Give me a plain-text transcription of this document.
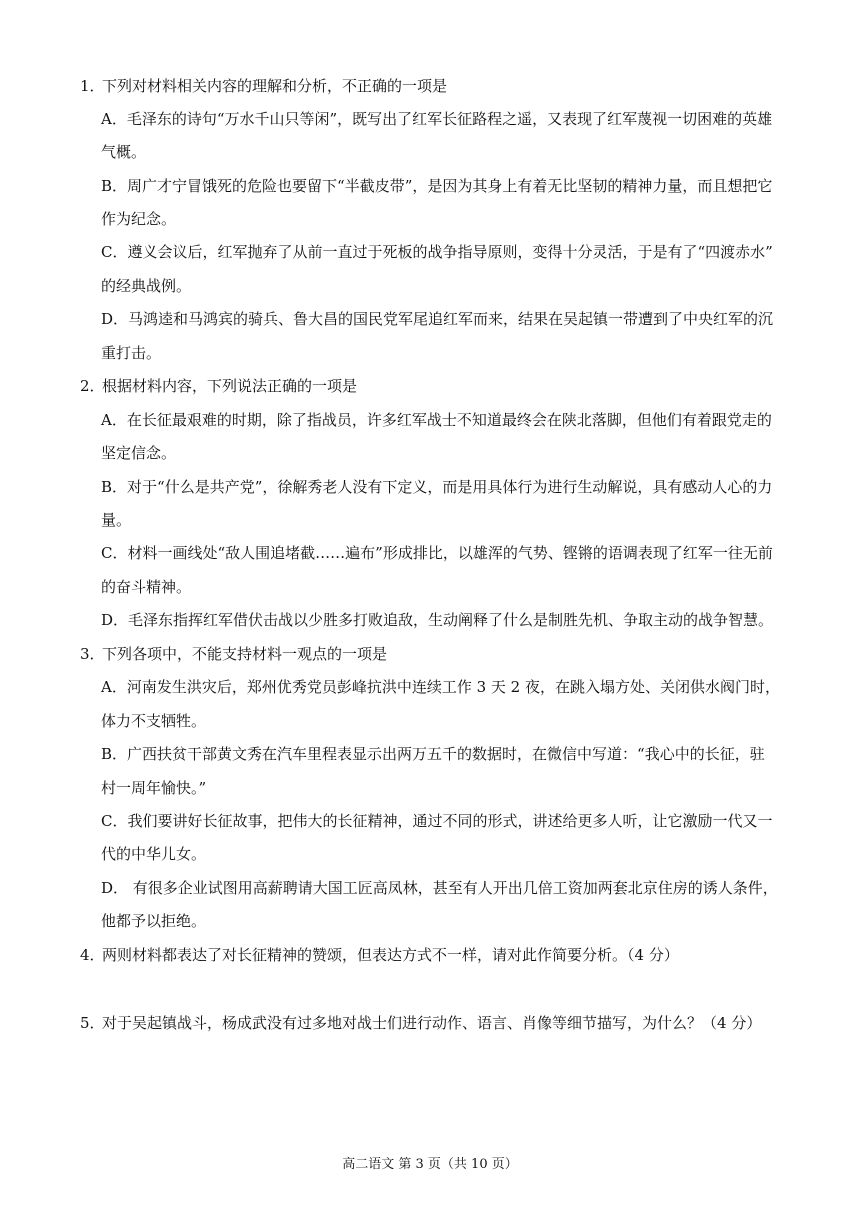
1．下列对材料相关内容的理解和分析，不正确的一项是
A．毛泽东的诗句“万水千山只等闲”，既写出了红军长征路程之遥，又表现了红军蔑视一切困难的英雄
气概。
B．周广才宁冒饿死的危险也要留下“半截皮带”，是因为其身上有着无比坚韧的精神力量，而且想把它
作为纪念。
C．遵义会议后，红军抛弃了从前一直过于死板的战争指导原则，变得十分灵活，于是有了“四渡赤水”
的经典战例。
D．马鸿逵和马鸿宾的骑兵、鲁大昌的国民党军尾追红军而来，结果在吴起镇一带遭到了中央红军的沉
重打击。
2．根据材料内容，下列说法正确的一项是
A．在长征最艰难的时期，除了指战员，许多红军战士不知道最终会在陕北落脚，但他们有着跟党走的
坚定信念。
B．对于“什么是共产党”，徐解秀老人没有下定义，而是用具体行为进行生动解说，具有感动人心的力
量。
C．材料一画线处“敌人围追堵截……遍布”形成排比，以雄浑的气势、铿锵的语调表现了红军一往无前
的奋斗精神。
D．毛泽东指挥红军借伏击战以少胜多打败追敌，生动阐释了什么是制胜先机、争取主动的战争智慧。
3．下列各项中，不能支持材料一观点的一项是
A．河南发生洪灾后，郑州优秀党员彭峰抗洪中连续工作 3 天 2 夜，在跳入塌方处、关闭供水阀门时，
体力不支牺牲。
B．广西扶贫干部黄文秀在汽车里程表显示出两万五千的数据时，在微信中写道：“我心中的长征，驻
村一周年愉快。”
C．我们要讲好长征故事，把伟大的长征精神，通过不同的形式，讲述给更多人听，让它激励一代又一
代的中华儿女。
D． 有很多企业试图用高薪聘请大国工匠高凤林，甚至有人开出几倍工资加两套北京住房的诱人条件，
他都予以拒绝。
4．两则材料都表达了对长征精神的赞颂，但表达方式不一样，请对此作简要分析。（4 分）
5．对于吴起镇战斗，杨成武没有过多地对战士们进行动作、语言、肖像等细节描写，为什么？（4 分）
高二语文 第 3 页（共 10 页）
